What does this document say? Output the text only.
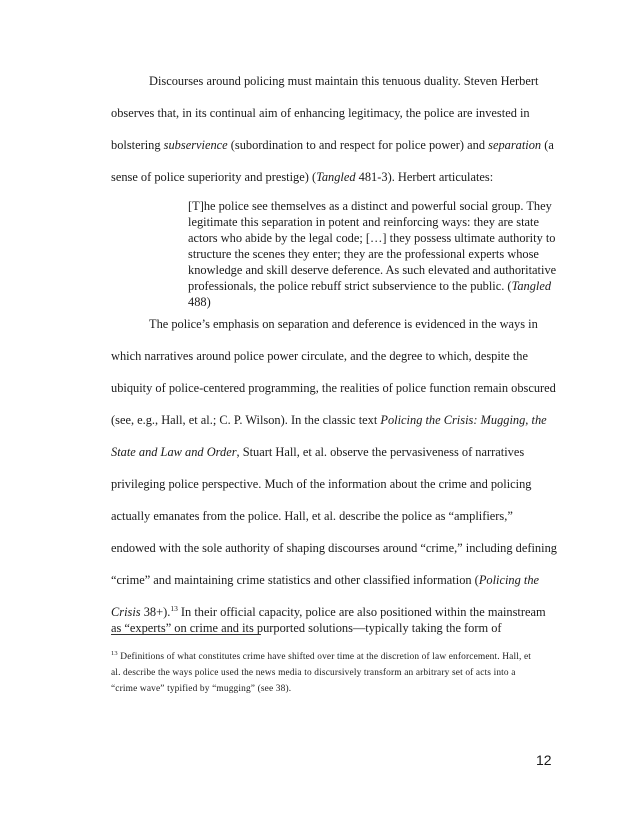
Discourses around policing must maintain this tenuous duality. Steven Herbert
observes that, in its continual aim of enhancing legitimacy, the police are invested in
bolstering subservience (subordination to and respect for police power) and separation (a
sense of police superiority and prestige) (Tangled 481-3). Herbert articulates:
[T]he police see themselves as a distinct and powerful social group. They
legitimate this separation in potent and reinforcing ways: they are state
actors who abide by the legal code; […] they possess ultimate authority to
structure the scenes they enter; they are the professional experts whose
knowledge and skill deserve deference. As such elevated and authoritative
professionals, the police rebuff strict subservience to the public. (Tangled
488)
The police’s emphasis on separation and deference is evidenced in the ways in
which narratives around police power circulate, and the degree to which, despite the
ubiquity of police-centered programming, the realities of police function remain obscured
(see, e.g., Hall, et al.; C. P. Wilson). In the classic text Policing the Crisis: Mugging, the
State and Law and Order, Stuart Hall, et al. observe the pervasiveness of narratives
privileging police perspective. Much of the information about the crime and policing
actually emanates from the police. Hall, et al. describe the police as “amplifiers,”
endowed with the sole authority of shaping discourses around “crime,” including defining
“crime” and maintaining crime statistics and other classified information (Policing the
Crisis 38+).$^{13}$ In their official capacity, police are also positioned within the mainstream
as “experts” on crime and its purported solutions—typically taking the form of
$^{13}$ Definitions of what constitutes crime have shifted over time at the discretion of law enforcement. Hall, et
al. describe the ways police used the news media to discursively transform an arbitrary set of acts into a
“crime wave” typified by “mugging” (see 38).
12
